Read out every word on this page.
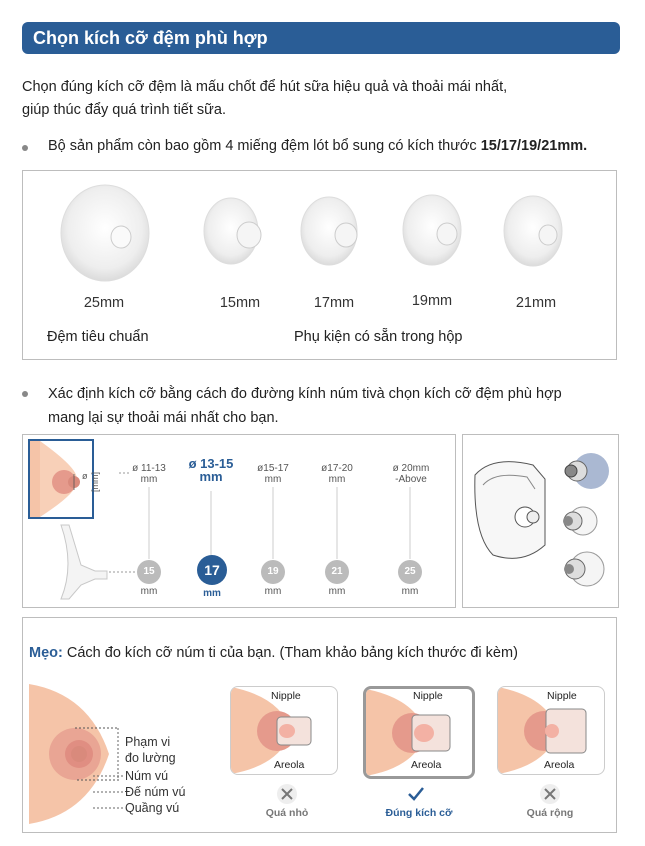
Chọn kích cỡ đệm phù hợp
Chọn đúng kích cỡ đệm là mấu chốt để hút sữa hiệu quả và thoải mái nhất,
giúp thúc đẩy quá trình tiết sữa.
Bộ sản phẩm còn bao gồm 4 miếng đệm lót bổ sung có kích thước 15/17/19/21mm.
25mm	15mm	17mm	19mm	21mm
Đệm tiêu chuẩn	Phụ kiện có sẵn trong hộp
Xác định kích cỡ bằng cách đo đường kính núm tivà chọn kích cỡ đệm phù hợp
mang lại sự thoải mái nhất cho bạn.
ø [mm]
ø 11-13
mm
ø 13-15
mm
ø15-17
mm
ø17-20
mm
ø 20mm
-Above
15
mm
17
mm
19
mm
21
mm
25
mm
Mẹo: Cách đo kích cỡ núm ti của bạn. (Tham khảo bảng kích thước đi kèm)
Phạm vi
đo lường
Núm vú
Đế núm vú
Quầng vú
Nipple
Areola
Nipple
Areola
Nipple
Areola
Quá nhỏ	Đúng kích cỡ	Quá rộng
